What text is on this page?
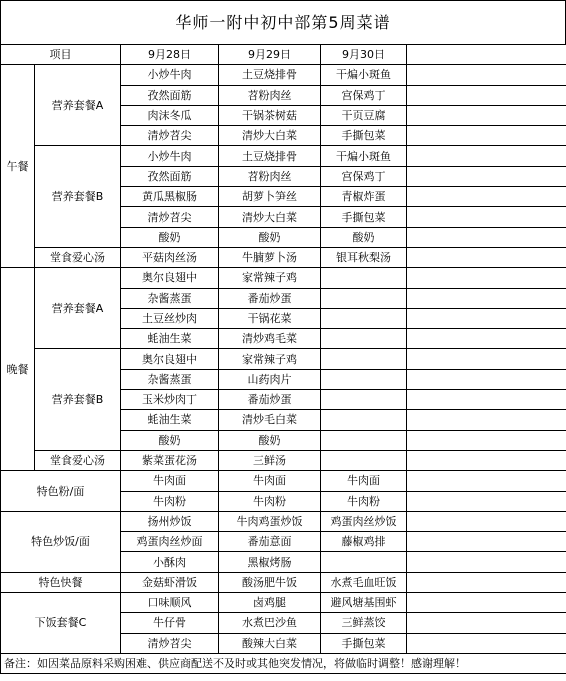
华师一附中初中部第5周菜谱
项目		9月28日	9月29日	9月30日	
午餐	营养套餐A	小炒牛肉	土豆烧排骨	干煸小斑鱼	
		孜然面筋	苕粉肉丝	宫保鸡丁	
		肉沫冬瓜	干锅茶树菇	干页豆腐	
		清炒苕尖	清炒大白菜	手撕包菜	
	营养套餐B	小炒牛肉	土豆烧排骨	干煸小斑鱼	
		孜然面筋	苕粉肉丝	宫保鸡丁	
		黄瓜黑椒肠	胡萝卜笋丝	青椒炸蛋	
		清炒苕尖	清炒大白菜	手撕包菜	
		酸奶	酸奶	酸奶	
	堂食爱心汤	平菇肉丝汤	牛腩萝卜汤	银耳秋梨汤	
晚餐	营养套餐A	奥尔良翅中	家常辣子鸡		
		杂酱蒸蛋	番茄炒蛋		
		土豆丝炒肉	干锅花菜		
		蚝油生菜	清炒鸡毛菜		
	营养套餐B	奥尔良翅中	家常辣子鸡		
		杂酱蒸蛋	山药肉片		
		玉米炒肉丁	番茄炒蛋		
		蚝油生菜	清炒毛白菜		
		酸奶	酸奶		
	堂食爱心汤	紫菜蛋花汤	三鲜汤		
特色粉/面		牛肉面	牛肉面	牛肉面	
		牛肉粉	牛肉粉	牛肉粉	
特色炒饭/面		扬州炒饭	牛肉鸡蛋炒饭	鸡蛋肉丝炒饭	
		鸡蛋肉丝炒面	番茄意面	藤椒鸡排	
		小酥肉	黑椒烤肠		
特色快餐		金菇虾滑饭	酸汤肥牛饭	水煮毛血旺饭	
下饭套餐C		口味顺风	卤鸡腿	避风塘基围虾	
		牛仔骨	水煮巴沙鱼	三鲜蒸饺	
		清炒苕尖	酸辣大白菜	手撕包菜	
备注：如因菜品原料采购困难、供应商配送不及时或其他突发情况，将做临时调整！感谢理解！					
